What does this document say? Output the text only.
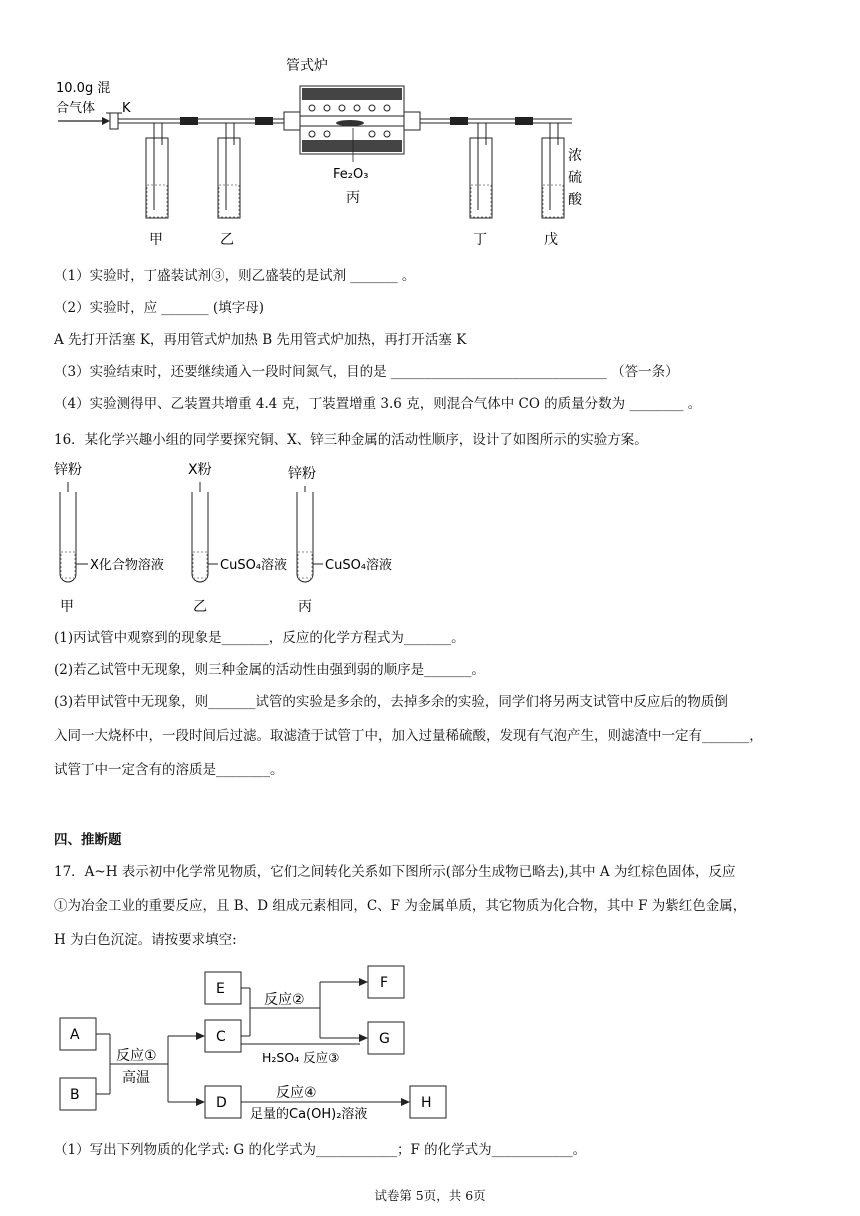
10.0g 混
合气体 K
管式炉
Fe₂O₃
丙
甲	乙	丁	戊
浓
硫
酸
（1）实验时，丁盛装试剂③，则乙盛装的是试剂 _______ 。
（2）实验时，应 _______ (填字母)
A 先打开活塞 K，再用管式炉加热 B 先用管式炉加热，再打开活塞 K
（3）实验结束时，还要继续通入一段时间氮气，目的是 ________________________________ （答一条）
（4）实验测得甲、乙装置共增重 4.4 克，丁装置增重 3.6 克，则混合气体中 CO 的质量分数为 ________ 。
16．某化学兴趣小组的同学要探究铜、X、锌三种金属的活动性顺序，设计了如图所示的实验方案。
锌粉	X粉	锌粉
X化合物溶液	CuSO₄溶液	CuSO₄溶液
甲	乙	丙
(1)丙试管中观察到的现象是_______，反应的化学方程式为_______。
(2)若乙试管中无现象，则三种金属的活动性由强到弱的顺序是_______。
(3)若甲试管中无现象，则_______试管的实验是多余的，去掉多余的实验，同学们将另两支试管中反应后的物质倒
入同一大烧杯中，一段时间后过滤。取滤渣于试管丁中，加入过量稀硫酸，发现有气泡产生，则滤渣中一定有_______，
试管丁中一定含有的溶质是________。
四、推断题
17．A~H 表示初中化学常见物质，它们之间转化关系如下图所示(部分生成物已略去),其中 A 为红棕色固体，反应
①为冶金工业的重要反应，且 B、D 组成元素相同，C、F 为金属单质，其它物质为化合物，其中 F 为紫红色金属，
H 为白色沉淀。请按要求填空:
A
B
E
C
D
F
G
H
反应①
高温
反应②
H₂SO₄ 反应③
反应④
足量的Ca(OH)₂溶液
（1）写出下列物质的化学式: G 的化学式为____________；F 的化学式为____________。
试卷第 5页，共 6页
